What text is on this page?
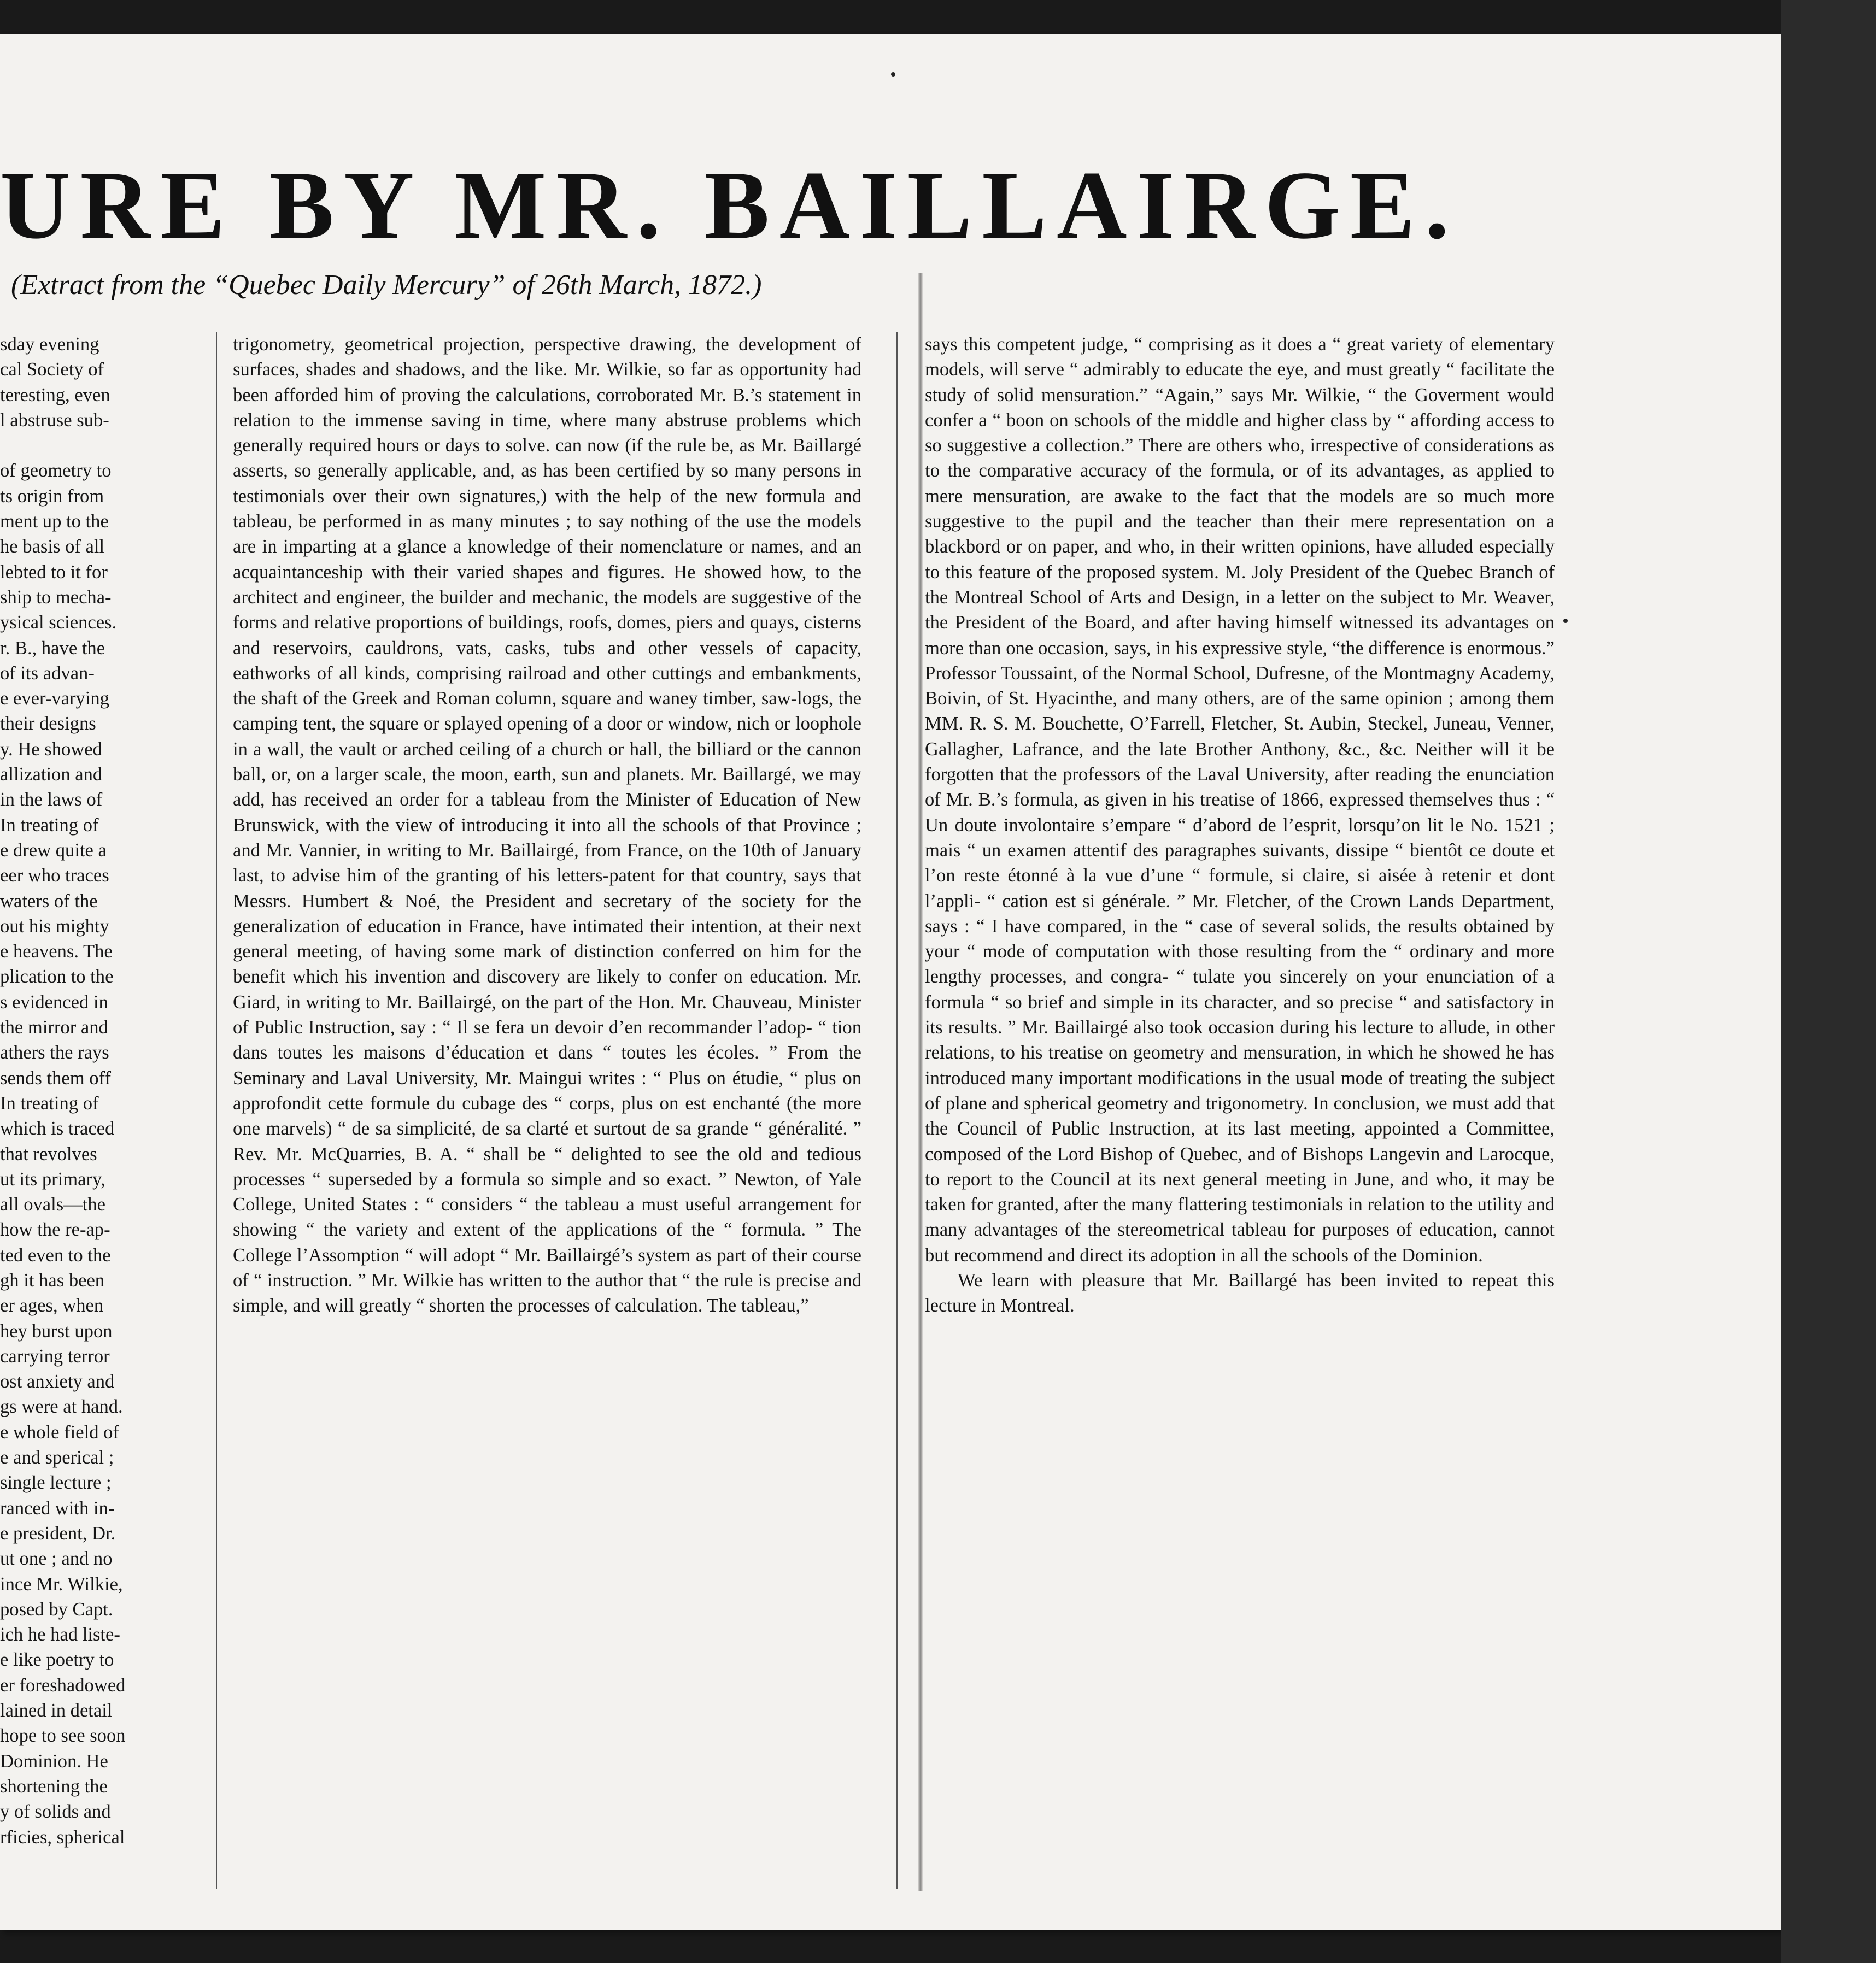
URE BY MR. BAILLAIRGE.
(Extract from the “Quebec Daily Mercury” of 26th March, 1872.)
sday evening
cal Society of
teresting, even
l abstruse sub-

of geometry to
ts origin from
ment up to the
he basis of all
lebted to it for
ship to mecha-
ysical sciences.
r. B., have the
of its advan-
e ever-varying
their designs
y. He showed
allization and
in the laws of
In treating of
e drew quite a
eer who traces
waters of the
out his mighty
e heavens. The
plication to the
s evidenced in
the mirror and
athers the rays
sends them off
In treating of
which is traced
that revolves
ut its primary,
all ovals—the
how the re-ap-
ted even to the
gh it has been
er ages, when
hey burst upon
carrying terror
ost anxiety and
gs were at hand.
e whole field of
e and sperical ;
single lecture ;
ranced with in-
e president, Dr.
ut one ; and no
ince Mr. Wilkie,
posed by Capt.
ich he had liste-
e like poetry to
er foreshadowed
lained in detail
hope to see soon
Dominion. He
shortening the
y of solids and
rficies, spherical

trigonometry, geometrical projection, perspective drawing, the development of surfaces, shades and shadows, and the like. Mr. Wilkie, so far as opportunity had been afforded him of proving the calculations, corroborated Mr. B.’s statement in relation to the immense saving in time, where many abstruse problems which generally required hours or days to solve. can now (if the rule be, as Mr. Baillargé asserts, so generally applicable, and, as has been certified by so many persons in testimonials over their own signatures,) with the help of the new formula and tableau, be performed in as many minutes ; to say nothing of the use the models are in imparting at a glance a knowledge of their nomenclature or names, and an acquaintanceship with their varied shapes and figures. He showed how, to the architect and engineer, the builder and mechanic, the models are suggestive of the forms and relative proportions of buildings, roofs, domes, piers and quays, cisterns and reservoirs, cauldrons, vats, casks, tubs and other vessels of capacity, eathworks of all kinds, comprising railroad and other cuttings and embankments, the shaft of the Greek and Roman column, square and waney timber, saw-logs, the camping tent, the square or splayed opening of a door or window, nich or loophole in a wall, the vault or arched ceiling of a church or hall, the billiard or the cannon ball, or, on a larger scale, the moon, earth, sun and planets. Mr. Baillargé, we may add, has received an order for a tableau from the Minister of Education of New Brunswick, with the view of introducing it into all the schools of that Province ; and Mr. Vannier, in writing to Mr. Baillairgé, from France, on the 10th of January last, to advise him of the granting of his letters-patent for that country, says that Messrs. Humbert & Noé, the President and secretary of the society for the generalization of education in France, have intimated their intention, at their next general meeting, of having some mark of distinction conferred on him for the benefit which his invention and discovery are likely to confer on education. Mr. Giard, in writing to Mr. Baillairgé, on the part of the Hon. Mr. Chauveau, Minister of Public Instruction, say : “ Il se fera un devoir d’en recommander l’adop- “ tion dans toutes les maisons d’éducation et dans “ toutes les écoles. ” From the Seminary and Laval University, Mr. Maingui writes : “ Plus on étudie, “ plus on approfondit cette formule du cubage des “ corps, plus on est enchanté (the more one marvels) “ de sa simplicité, de sa clarté et surtout de sa grande “ généralité. ” Rev. Mr. McQuarries, B. A. “ shall be “ delighted to see the old and tedious processes “ superseded by a formula so simple and so exact. ” Newton, of Yale College, United States : “ considers “ the tableau a must useful arrangement for showing “ the variety and extent of the applications of the “ formula. ” The College l’Assomption “ will adopt “ Mr. Baillairgé’s system as part of their course of “ instruction. ” Mr. Wilkie has written to the author that “ the rule is precise and simple, and will greatly “ shorten the processes of calculation. The tableau,”

says this competent judge, “ comprising as it does a “ great variety of elementary models, will serve “ admirably to educate the eye, and must greatly “ facilitate the study of solid mensuration.” “Again,” says Mr. Wilkie, “ the Goverment would confer a “ boon on schools of the middle and higher class by “ affording access to so suggestive a collection.” There are others who, irrespective of considerations as to the comparative accuracy of the formula, or of its advantages, as applied to mere mensuration, are awake to the fact that the models are so much more suggestive to the pupil and the teacher than their mere representation on a blackbord or on paper, and who, in their written opinions, have alluded especially to this feature of the proposed system. M. Joly President of the Quebec Branch of the Montreal School of Arts and Design, in a letter on the subject to Mr. Weaver, the President of the Board, and after having himself witnessed its advantages on more than one occasion, says, in his expressive style, “the difference is enormous.” Professor Toussaint, of the Normal School, Dufresne, of the Montmagny Academy, Boivin, of St. Hyacinthe, and many others, are of the same opinion ; among them MM. R. S. M. Bouchette, O’Farrell, Fletcher, St. Aubin, Steckel, Juneau, Venner, Gallagher, Lafrance, and the late Brother Anthony, &c., &c. Neither will it be forgotten that the professors of the Laval University, after reading the enunciation of Mr. B.’s formula, as given in his treatise of 1866, expressed themselves thus : “ Un doute involontaire s’empare “ d’abord de l’esprit, lorsqu’on lit le No. 1521 ; mais “ un examen attentif des paragraphes suivants, dissipe “ bientôt ce doute et l’on reste étonné à la vue d’une “ formule, si claire, si aisée à retenir et dont l’appli- “ cation est si générale. ” Mr. Fletcher, of the Crown Lands Department, says : “ I have compared, in the “ case of several solids, the results obtained by your “ mode of computation with those resulting from the “ ordinary and more lengthy processes, and congra- “ tulate you sincerely on your enunciation of a formula “ so brief and simple in its character, and so precise “ and satisfactory in its results. ” Mr. Baillairgé also took occasion during his lecture to allude, in other relations, to his treatise on geometry and mensuration, in which he showed he has introduced many important modifications in the usual mode of treating the subject of plane and spherical geometry and trigonometry. In conclusion, we must add that the Council of Public Instruction, at its last meeting, appointed a Committee, composed of the Lord Bishop of Quebec, and of Bishops Langevin and Larocque, to report to the Council at its next general meeting in June, and who, it may be taken for granted, after the many flattering testimonials in relation to the utility and many advantages of the stereometrical tableau for purposes of education, cannot but recommend and direct its adoption in all the schools of the Dominion.

We learn with pleasure that Mr. Baillargé has been invited to repeat this lecture in Montreal.
